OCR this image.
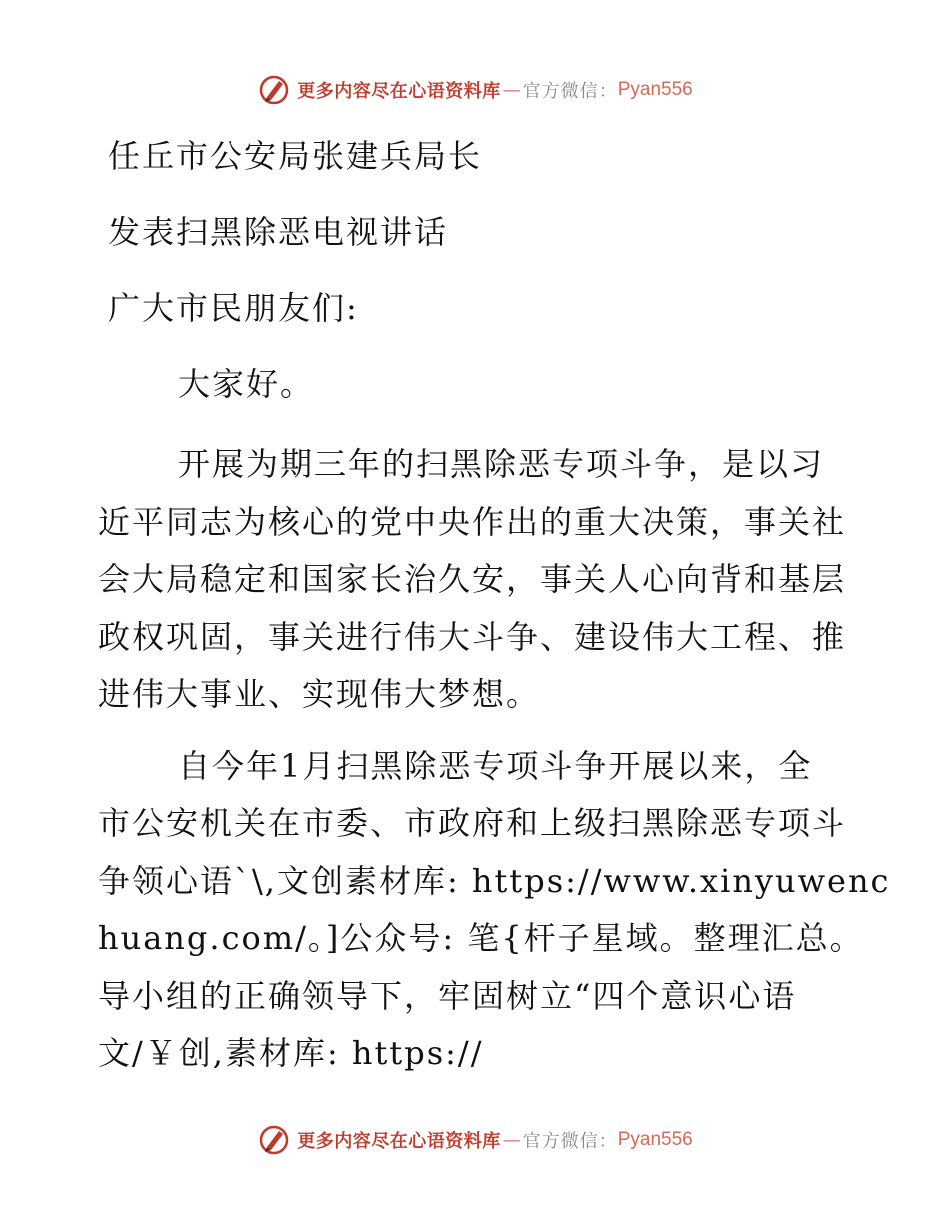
更多内容尽在心语资料库 — 官方微信： Pyan556
任丘市公安局张建兵局长
发表扫黑除恶电视讲话
广大市民朋友们:
大家好。
开展为期三年的扫黑除恶专项斗争，是以习
近平同志为核心的党中央作出的重大决策，事关社
会大局稳定和国家长治久安，事关人心向背和基层
政权巩固，事关进行伟大斗争、建设伟大工程、推
进伟大事业、实现伟大梦想。
自今年1月扫黑除恶专项斗争开展以来，全
市公安机关在市委、市政府和上级扫黑除恶专项斗
争领心语`\,文创素材库: https://www.xinyuwenc
huang.com/。]公众号: 笔{杆子星域。整理汇总。
导小组的正确领导下，牢固树立“四个意识心语
文/￥创,素材库: https://
更多内容尽在心语资料库 — 官方微信： Pyan556
